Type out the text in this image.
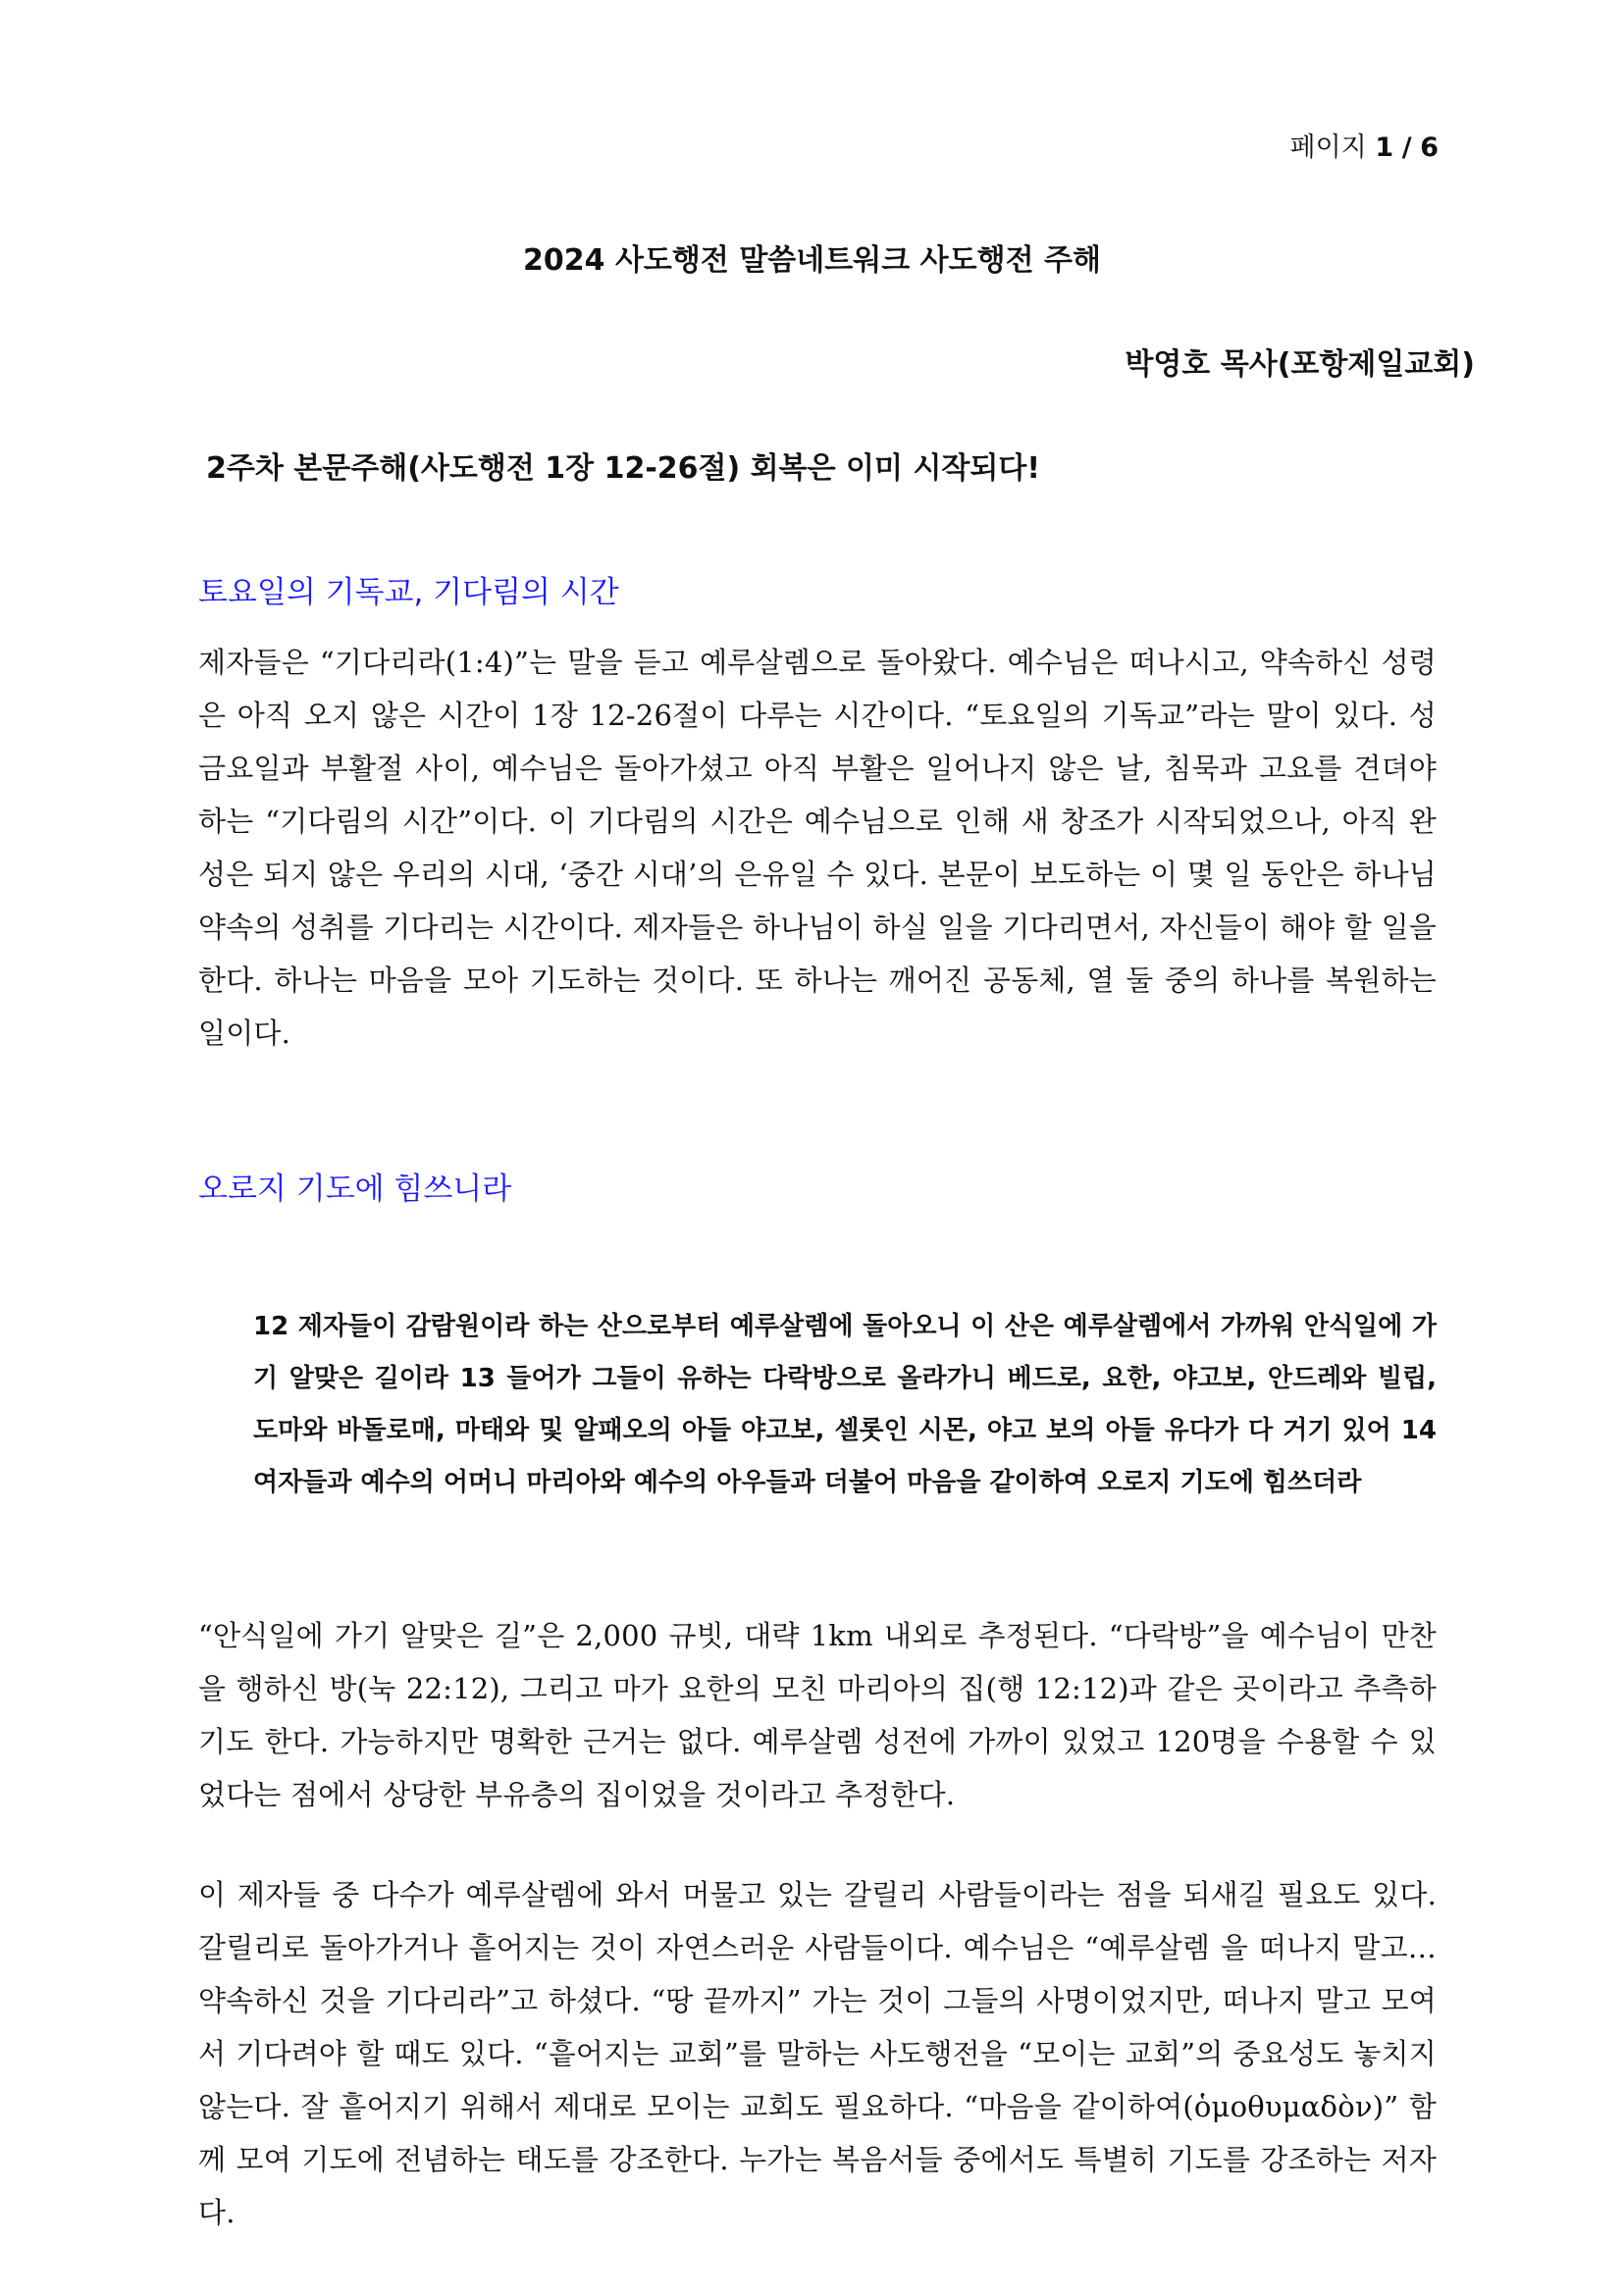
페이지 1 / 6
2024 사도행전 말씀네트워크 사도행전 주해
박영호 목사(포항제일교회)
2주차 본문주해(사도행전 1장 12-26절) 회복은 이미 시작되다!
토요일의 기독교, 기다림의 시간
제자들은 “기다리라(1:4)”는 말을 듣고 예루살렘으로 돌아왔다. 예수님은 떠나시고, 약속하신 성령은 아직 오지 않은 시간이 1장 12-26절이 다루는 시간이다. “토요일의 기독교”라는 말이 있다. 성금요일과 부활절 사이, 예수님은 돌아가셨고 아직 부활은 일어나지 않은 날, 침묵과 고요를 견뎌야 하는 “기다림의 시간”이다. 이 기다림의 시간은 예수님으로 인해 새 창조가 시작되었으나, 아직 완성은 되지 않은 우리의 시대, ‘중간 시대’의 은유일 수 있다. 본문이 보도하는 이 몇 일 동안은 하나님 약속의 성취를 기다리는 시간이다. 제자들은 하나님이 하실 일을 기다리면서, 자신들이 해야 할 일을 한다. 하나는 마음을 모아 기도하는 것이다. 또 하나는 깨어진 공동체, 열 둘 중의 하나를 복원하는 일이다.
오로지 기도에 힘쓰니라
12 제자들이 감람원이라 하는 산으로부터 예루살렘에 돌아오니 이 산은 예루살렘에서 가까워 안식일에 가기 알맞은 길이라 13 들어가 그들이 유하는 다락방으로 올라가니 베드로, 요한, 야고보, 안드레와 빌립, 도마와 바돌로매, 마태와 및 알패오의 아들 야고보, 셀롯인 시몬, 야고 보의 아들 유다가 다 거기 있어 14 여자들과 예수의 어머니 마리아와 예수의 아우들과 더불어 마음을 같이하여 오로지 기도에 힘쓰더라
“안식일에 가기 알맞은 길”은 2,000 규빗, 대략 1km 내외로 추정된다. “다락방”을 예수님이 만찬을 행하신 방(눅 22:12), 그리고 마가 요한의 모친 마리아의 집(행 12:12)과 같은 곳이라고 추측하기도 한다. 가능하지만 명확한 근거는 없다. 예루살렘 성전에 가까이 있었고 120명을 수용할 수 있었다는 점에서 상당한 부유층의 집이었을 것이라고 추정한다.
이 제자들 중 다수가 예루살렘에 와서 머물고 있는 갈릴리 사람들이라는 점을 되새길 필요도 있다. 갈릴리로 돌아가거나 흩어지는 것이 자연스러운 사람들이다. 예수님은 “예루살렘 을 떠나지 말고… 약속하신 것을 기다리라”고 하셨다. “땅 끝까지” 가는 것이 그들의 사명이었지만, 떠나지 말고 모여서 기다려야 할 때도 있다. “흩어지는 교회”를 말하는 사도행전을 “모이는 교회”의 중요성도 놓치지 않는다. 잘 흩어지기 위해서 제대로 모이는 교회도 필요하다. “마음을 같이하여(ὁμοθυμαδὸν)” 함께 모여 기도에 전념하는 태도를 강조한다. 누가는 복음서들 중에서도 특별히 기도를 강조하는 저자다.
